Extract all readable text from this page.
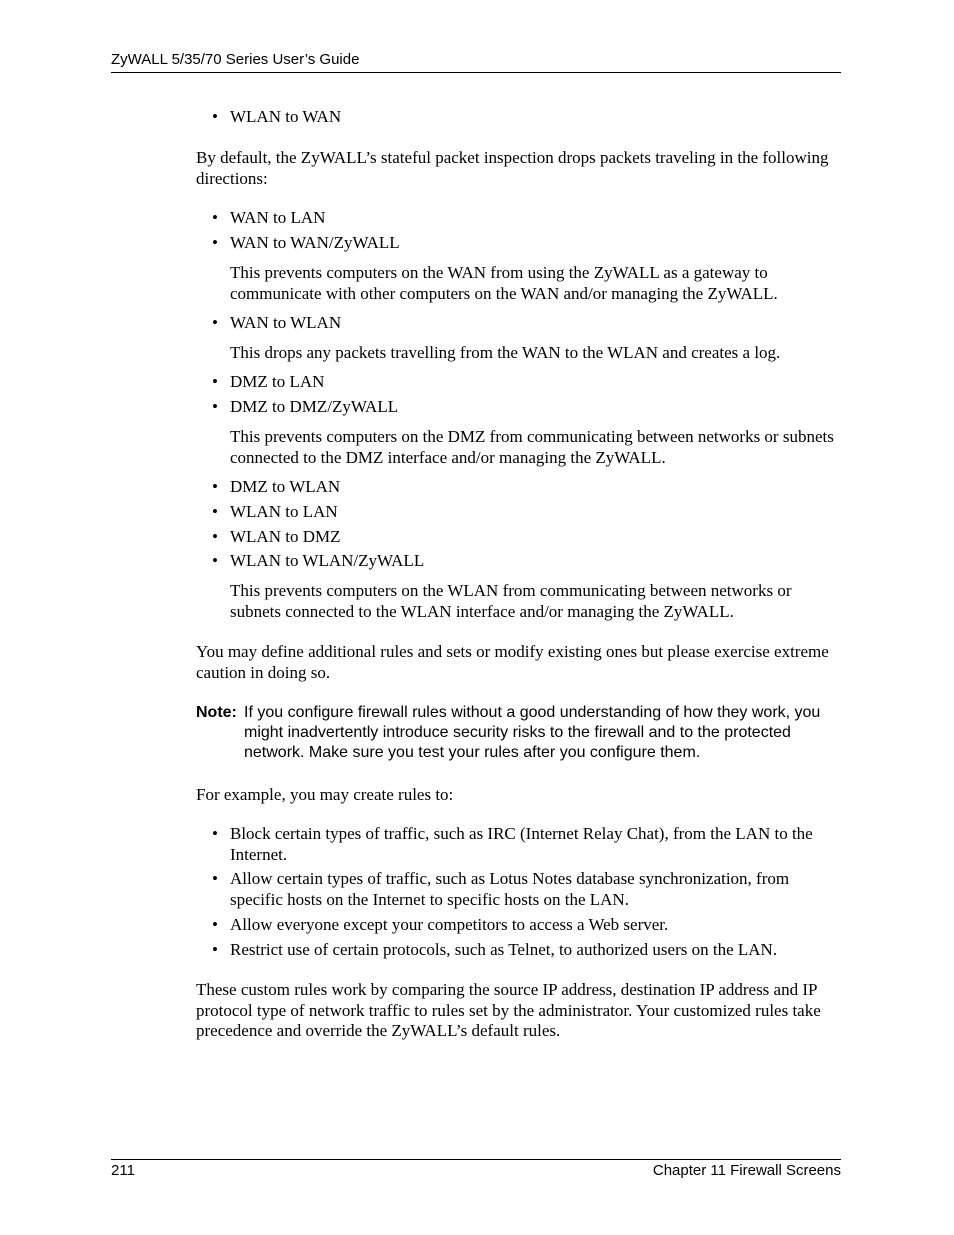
ZyWALL 5/35/70 Series User’s Guide
• WLAN to WAN
By default, the ZyWALL’s stateful packet inspection drops packets traveling in the following directions:
• WAN to LAN
• WAN to WAN/ZyWALL
This prevents computers on the WAN from using the ZyWALL as a gateway to communicate with other computers on the WAN and/or managing the ZyWALL.
• WAN to WLAN
This drops any packets travelling from the WAN to the WLAN and creates a log.
• DMZ to LAN
• DMZ to DMZ/ZyWALL
This prevents computers on the DMZ from communicating between networks or subnets connected to the DMZ interface and/or managing the ZyWALL.
• DMZ to WLAN
• WLAN to LAN
• WLAN to DMZ
• WLAN to WLAN/ZyWALL
This prevents computers on the WLAN from communicating between networks or subnets connected to the WLAN interface and/or managing the ZyWALL.
You may define additional rules and sets or modify existing ones but please exercise extreme caution in doing so.
Note: If you configure firewall rules without a good understanding of how they work, you might inadvertently introduce security risks to the firewall and to the protected network. Make sure you test your rules after you configure them.
For example, you may create rules to:
• Block certain types of traffic, such as IRC (Internet Relay Chat), from the LAN to the Internet.
• Allow certain types of traffic, such as Lotus Notes database synchronization, from specific hosts on the Internet to specific hosts on the LAN.
• Allow everyone except your competitors to access a Web server.
• Restrict use of certain protocols, such as Telnet, to authorized users on the LAN.
These custom rules work by comparing the source IP address, destination IP address and IP protocol type of network traffic to rules set by the administrator. Your customized rules take precedence and override the ZyWALL’s default rules.
211	Chapter 11 Firewall Screens
